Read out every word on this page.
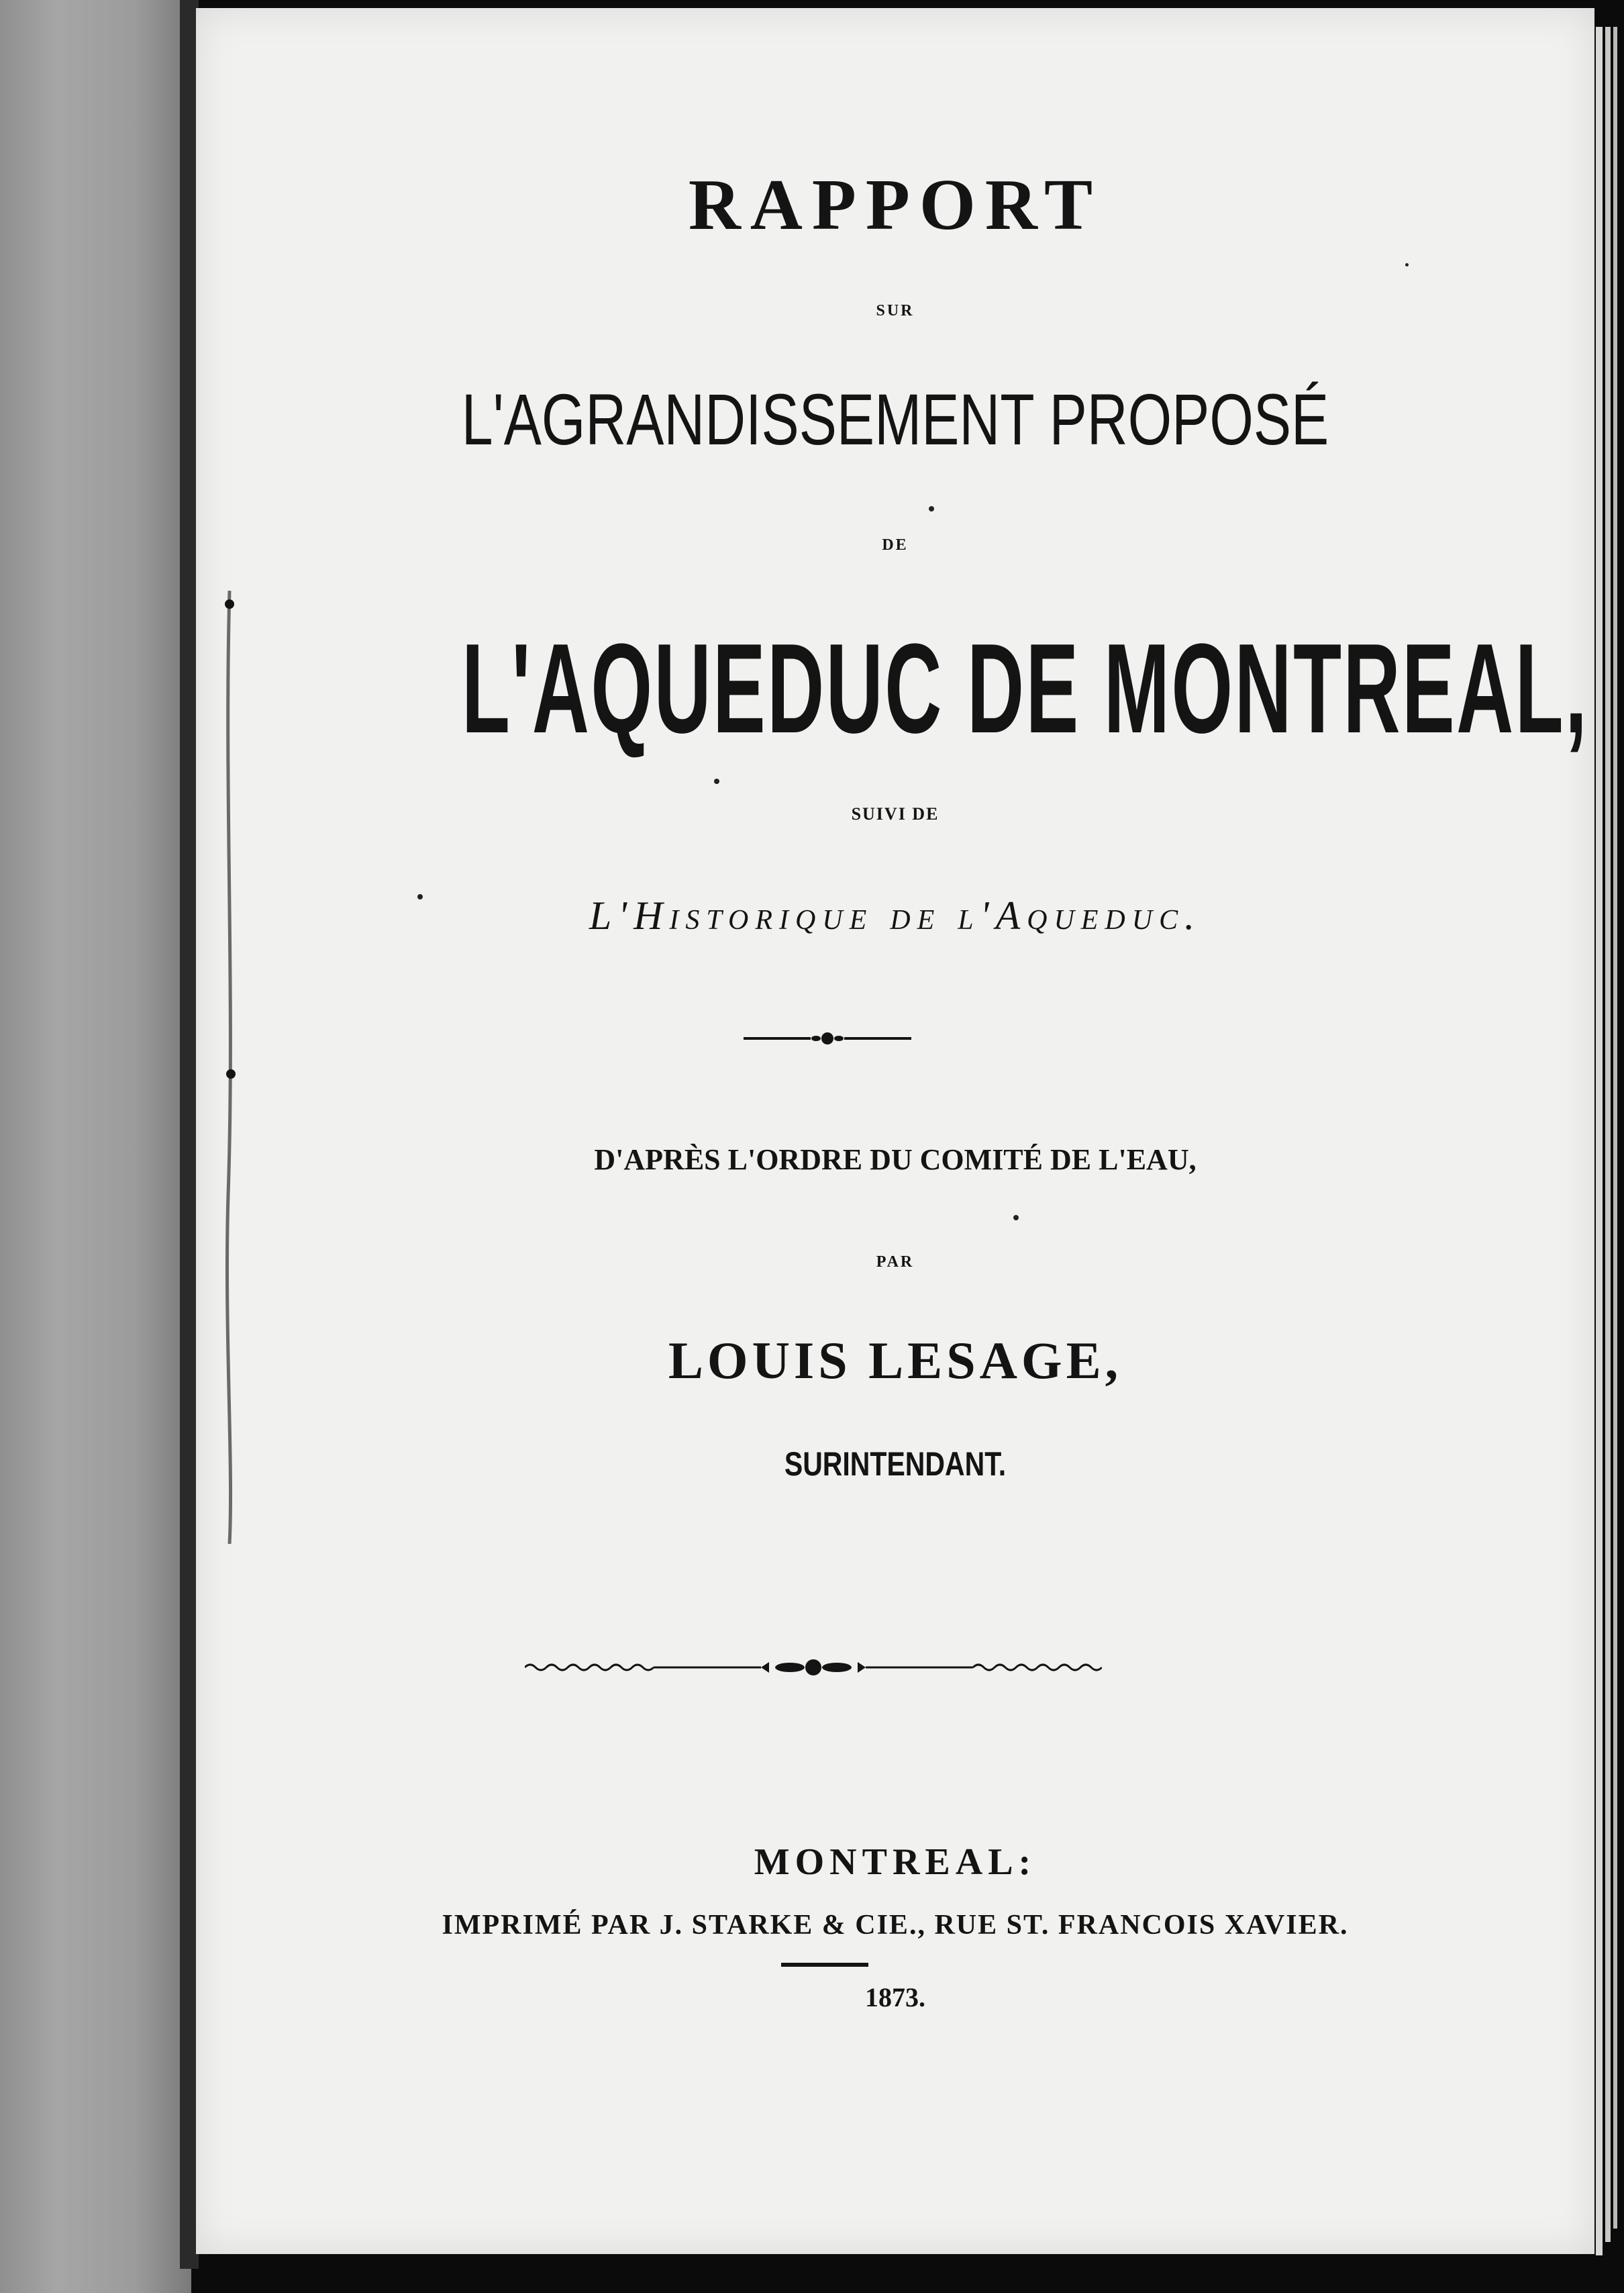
RAPPORT
SUR
L'AGRANDISSEMENT PROPOSÉ
DE
L'AQUEDUC DE MONTREAL,
SUIVI DE
L'Historique de l'Aqueduc.
D'APRÈS L'ORDRE DU COMITÉ DE L'EAU,
PAR
LOUIS LESAGE,
SURINTENDANT.
MONTREAL:
IMPRIMÉ PAR J. STARKE & CIE., RUE ST. FRANCOIS XAVIER.
1873.
